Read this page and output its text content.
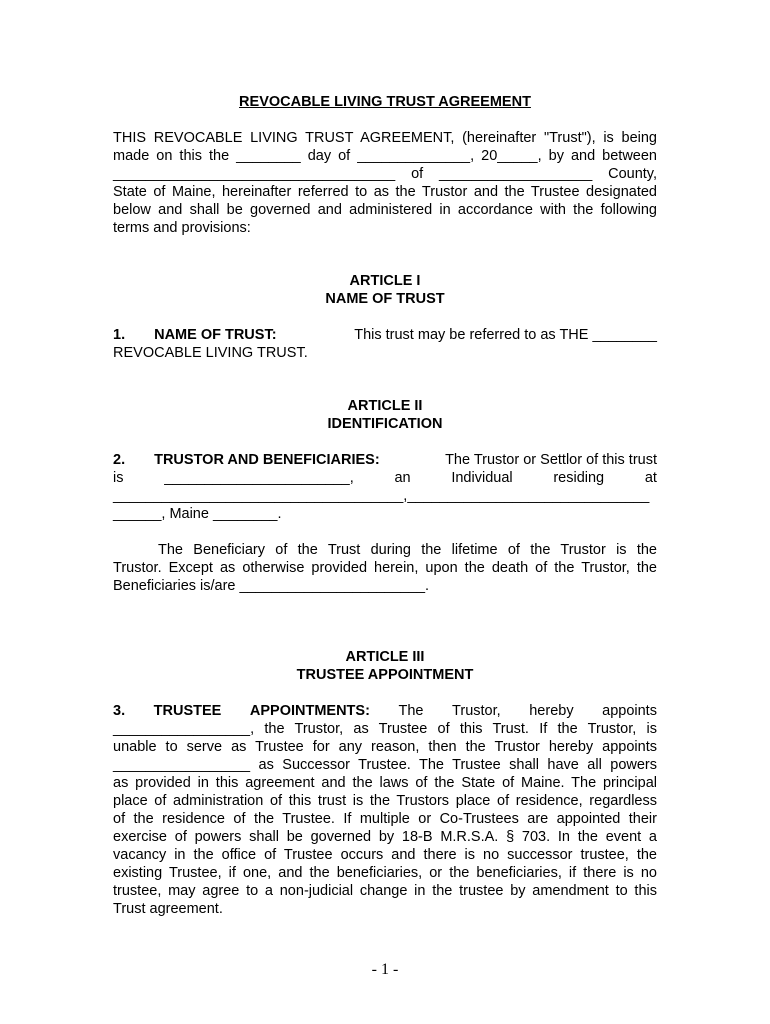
REVOCABLE LIVING TRUST AGREEMENT
THIS REVOCABLE LIVING TRUST AGREEMENT, (hereinafter "Trust"), is being
made on this the ________ day of ______________, 20_____, by and between
___________________________________ of ___________________ County,
State of Maine, hereinafter referred to as the Trustor and the Trustee designated
below and shall be governed and administered in accordance with the following
terms and provisions:
ARTICLE I
NAME OF TRUST
1. NAME OF TRUST:	This trust may be referred to as THE ________
REVOCABLE LIVING TRUST.
ARTICLE II
IDENTIFICATION
2. TRUSTOR AND BENEFICIARIES:	The Trustor or Settlor of this trust
is	_______________________,	an	Individual	residing	at
____________________________________,______________________________
______, Maine ________.
The Beneficiary of the Trust during the lifetime of the Trustor is the
Trustor. Except as otherwise provided herein, upon the death of the Trustor, the
Beneficiaries is/are _______________________.
ARTICLE III
TRUSTEE APPOINTMENT
3. TRUSTEE APPOINTMENTS: The Trustor, hereby appoints
_________________, the Trustor, as Trustee of this Trust. If the Trustor, is
unable to serve as Trustee for any reason, then the Trustor hereby appoints
_________________ as Successor Trustee. The Trustee shall have all powers
as provided in this agreement and the laws of the State of Maine. The principal
place of administration of this trust is the Trustors place of residence, regardless
of the residence of the Trustee. If multiple or Co-Trustees are appointed their
exercise of powers shall be governed by 18-B M.R.S.A. § 703. In the event a
vacancy in the office of Trustee occurs and there is no successor trustee, the
existing Trustee, if one, and the beneficiaries, or the beneficiaries, if there is no
trustee, may agree to a non-judicial change in the trustee by amendment to this
Trust agreement.
- 1 -
